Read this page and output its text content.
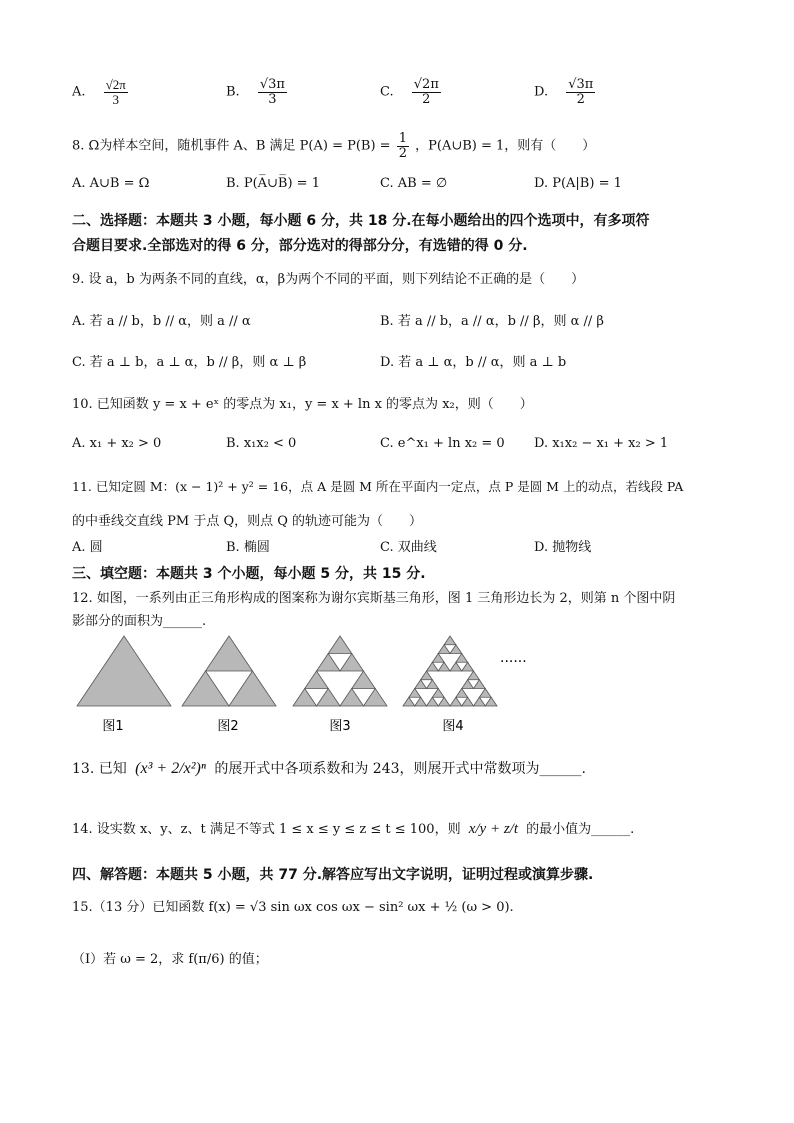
A. $\frac{√2\pi}{3}$	B. $\frac{√3\pi}{3}$	C. $\frac{√2\pi}{2}$	D. $\frac{√3\pi}{2}$
8. Ω为样本空间，随机事件 A、B 满足 $P(A) = P(B) = \frac{1}{2}$ ，P(A∪B) = 1，则有（　　）
A. A∪B = Ω	B. P(A̅∪B̅) = 1	C. AB = ∅	D. P(A|B) = 1
二、选择题：本题共 3 小题，每小题 6 分，共 18 分.在每小题给出的四个选项中，有多项符
合题目要求.全部选对的得 6 分，部分选对的得部分分，有选错的得 0 分.
9. 设 a，b 为两条不同的直线，α，β为两个不同的平面，则下列结论不正确的是（　　）
A. 若 a // b，b // α，则 a // α	B. 若 a // b，a // α，b // β，则 α // β
C. 若 a ⊥ b，a ⊥ α，b // β，则 α ⊥ β	D. 若 a ⊥ α，b // α，则 a ⊥ b
10. 已知函数 y = x + eˣ 的零点为 x₁，y = x + ln x 的零点为 x₂，则（　　）
A. x₁ + x₂ > 0	B. x₁x₂ < 0	C. e^x₁ + ln x₂ = 0 D. x₁x₂ − x₁ + x₂ > 1
11. 已知定圆 M：(x − 1)² + y² = 16，点 A 是圆 M 所在平面内一定点，点 P 是圆 M 上的动点，若线段 PA
的中垂线交直线 PM 于点 Q，则点 Q 的轨迹可能为（　　）
A. 圆	B. 椭圆	C. 双曲线	D. 抛物线
三、填空题：本题共 3 个小题，每小题 5 分，共 15 分.
12. 如图，一系列由正三角形构成的图案称为谢尔宾斯基三角形，图 1 三角形边长为 2，则第 n 个图中阴
影部分的面积为______.
······
图1	图2	图3	图4
13. 已知 (x³ + 2/x²)ⁿ 的展开式中各项系数和为 243，则展开式中常数项为______.
14. 设实数 x、y、z、t 满足不等式 1 ≤ x ≤ y ≤ z ≤ t ≤ 100，则 x/y + z/t 的最小值为______.
四、解答题：本题共 5 小题，共 77 分.解答应写出文字说明，证明过程或演算步骤.
15.（13 分）已知函数 f(x) = √3 sin ωx cos ωx − sin² ωx + ½ (ω > 0).
（Ⅰ）若 ω = 2，求 f(π/6) 的值；
